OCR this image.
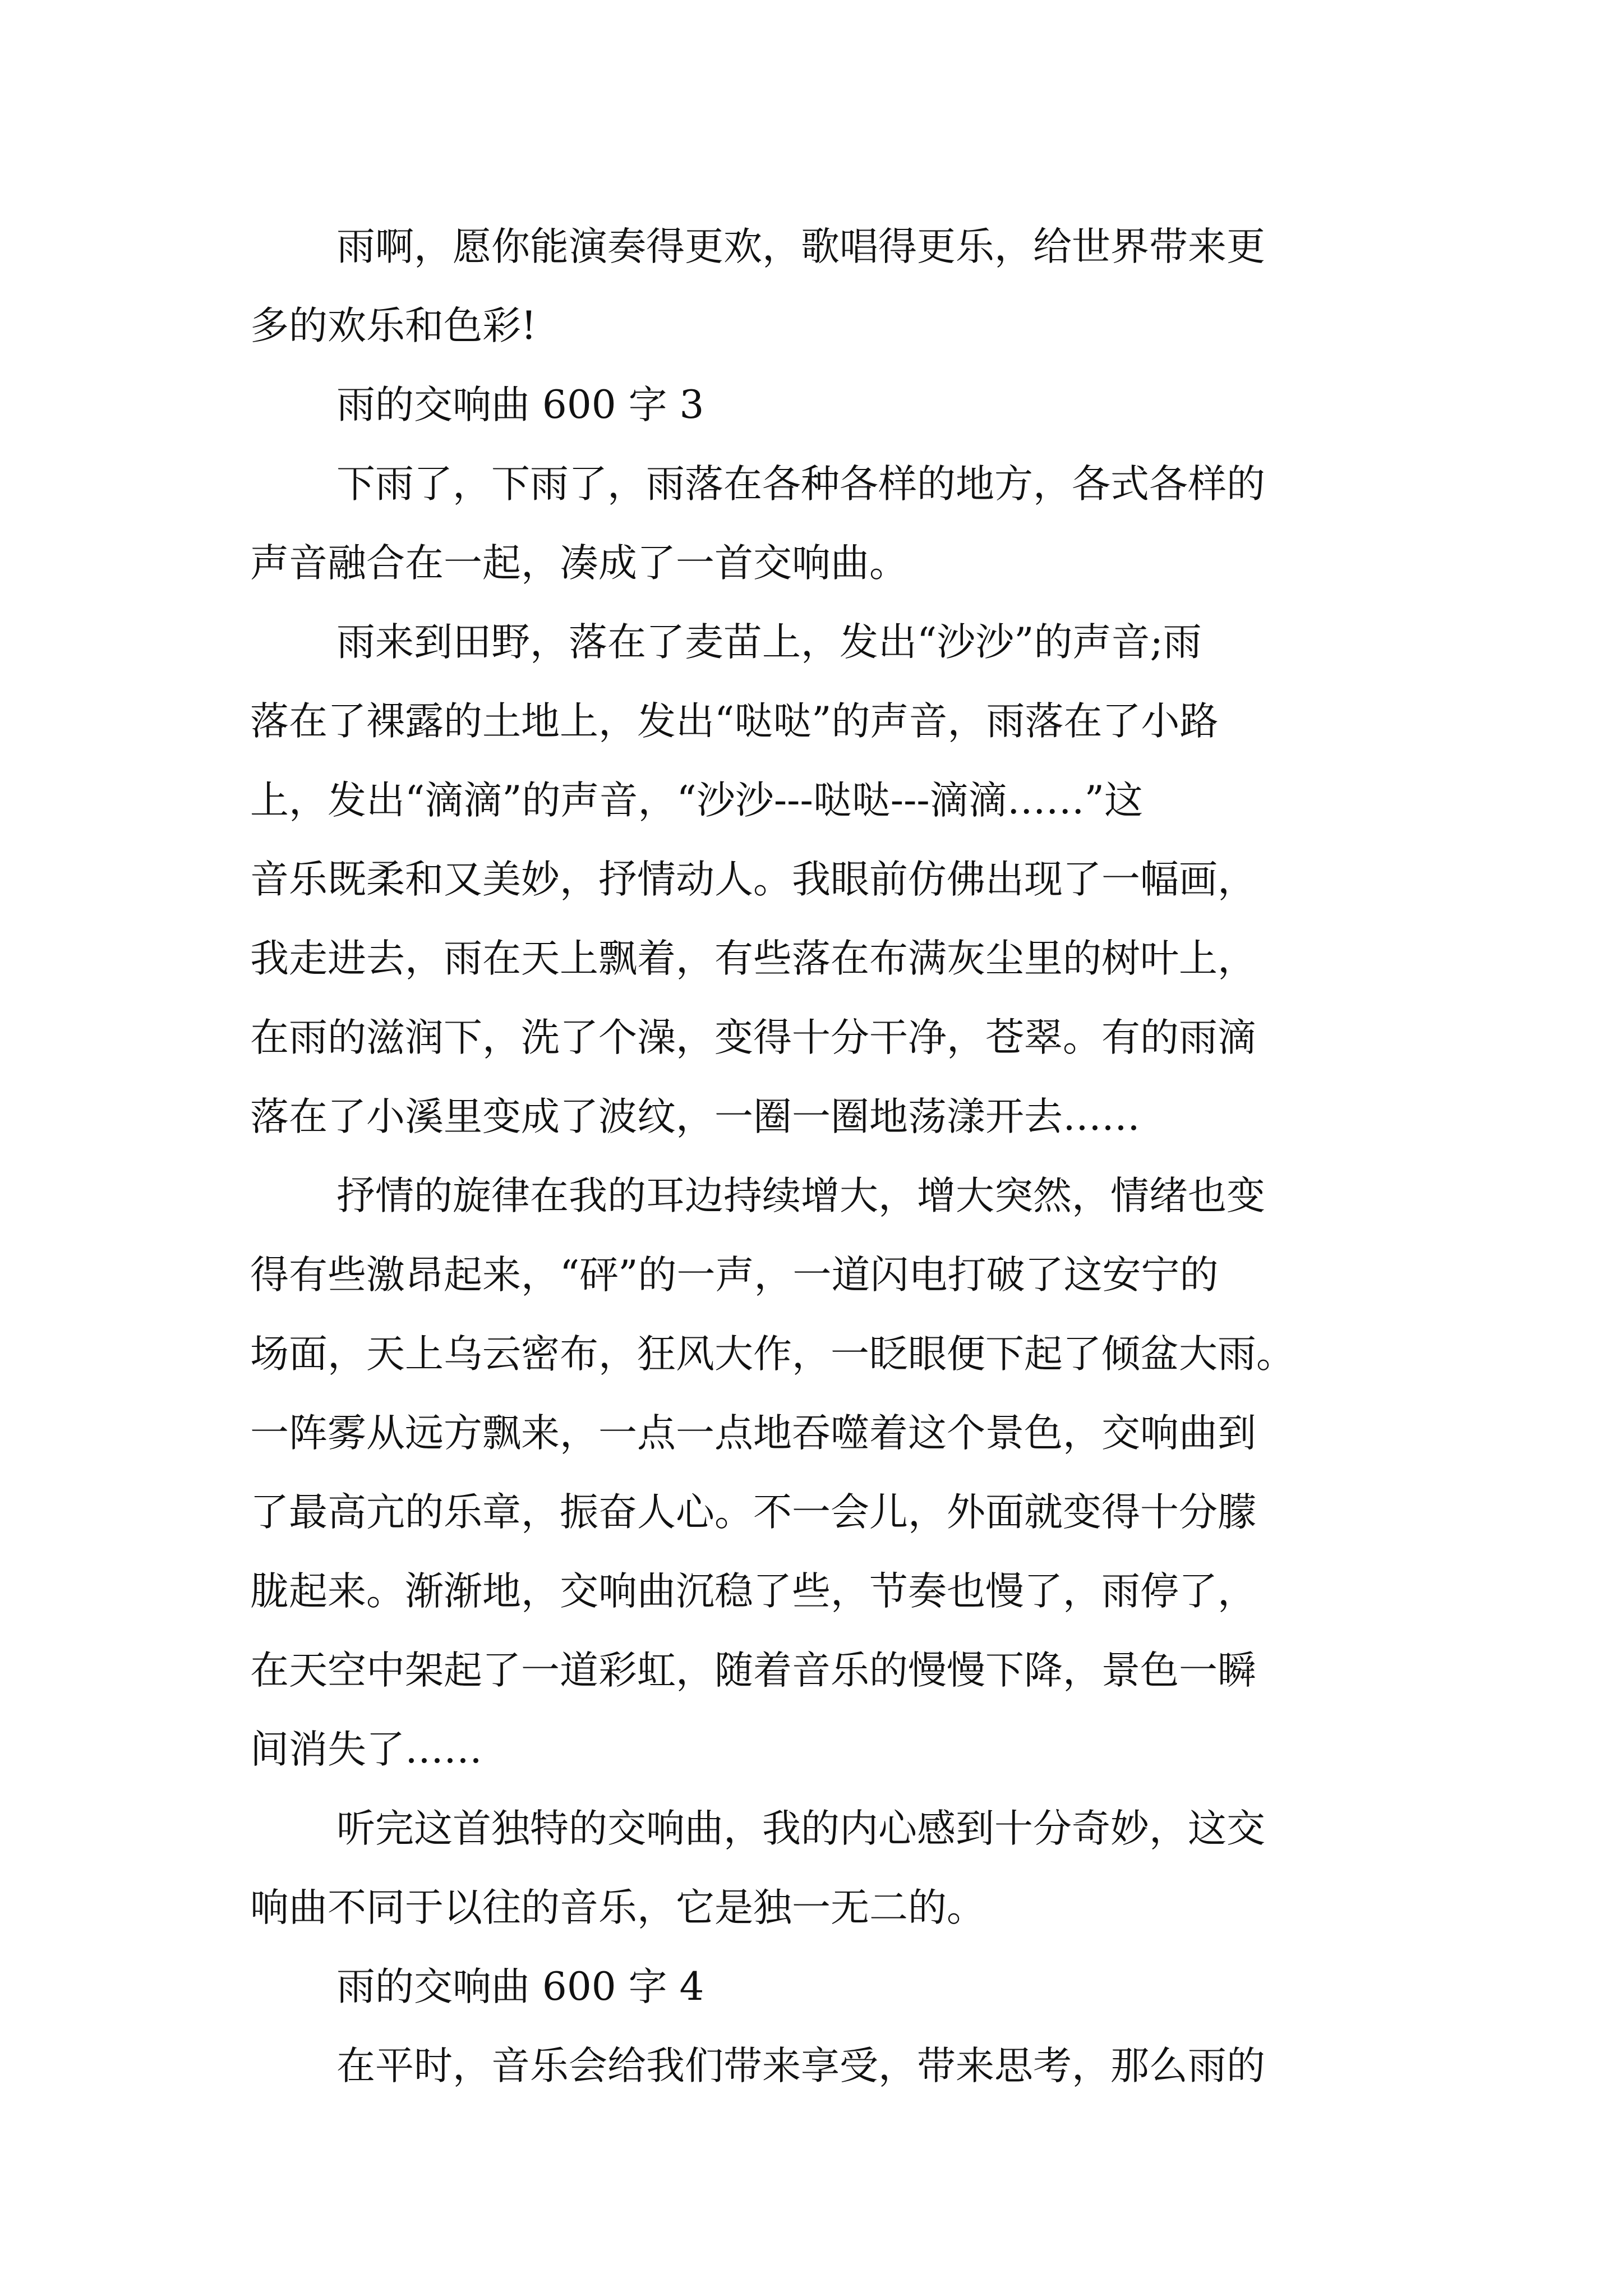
雨啊，愿你能演奏得更欢，歌唱得更乐，给世界带来更
多的欢乐和色彩!
雨的交响曲 600 字 3
下雨了，下雨了，雨落在各种各样的地方，各式各样的
声音融合在一起，凑成了一首交响曲。
雨来到田野，落在了麦苗上，发出“沙沙”的声音;雨
落在了裸露的土地上，发出“哒哒”的声音，雨落在了小路
上，发出“滴滴”的声音，“沙沙---哒哒---滴滴……”这
音乐既柔和又美妙，抒情动人。我眼前仿佛出现了一幅画，
我走进去，雨在天上飘着，有些落在布满灰尘里的树叶上，
在雨的滋润下，洗了个澡，变得十分干净，苍翠。有的雨滴
落在了小溪里变成了波纹，一圈一圈地荡漾开去……
抒情的旋律在我的耳边持续增大，增大突然，情绪也变
得有些激昂起来，“砰”的一声，一道闪电打破了这安宁的
场面，天上乌云密布，狂风大作，一眨眼便下起了倾盆大雨。
一阵雾从远方飘来，一点一点地吞噬着这个景色，交响曲到
了最高亢的乐章，振奋人心。不一会儿，外面就变得十分朦
胧起来。渐渐地，交响曲沉稳了些，节奏也慢了，雨停了，
在天空中架起了一道彩虹，随着音乐的慢慢下降，景色一瞬
间消失了……
听完这首独特的交响曲，我的内心感到十分奇妙，这交
响曲不同于以往的音乐，它是独一无二的。
雨的交响曲 600 字 4
在平时，音乐会给我们带来享受，带来思考，那么雨的
